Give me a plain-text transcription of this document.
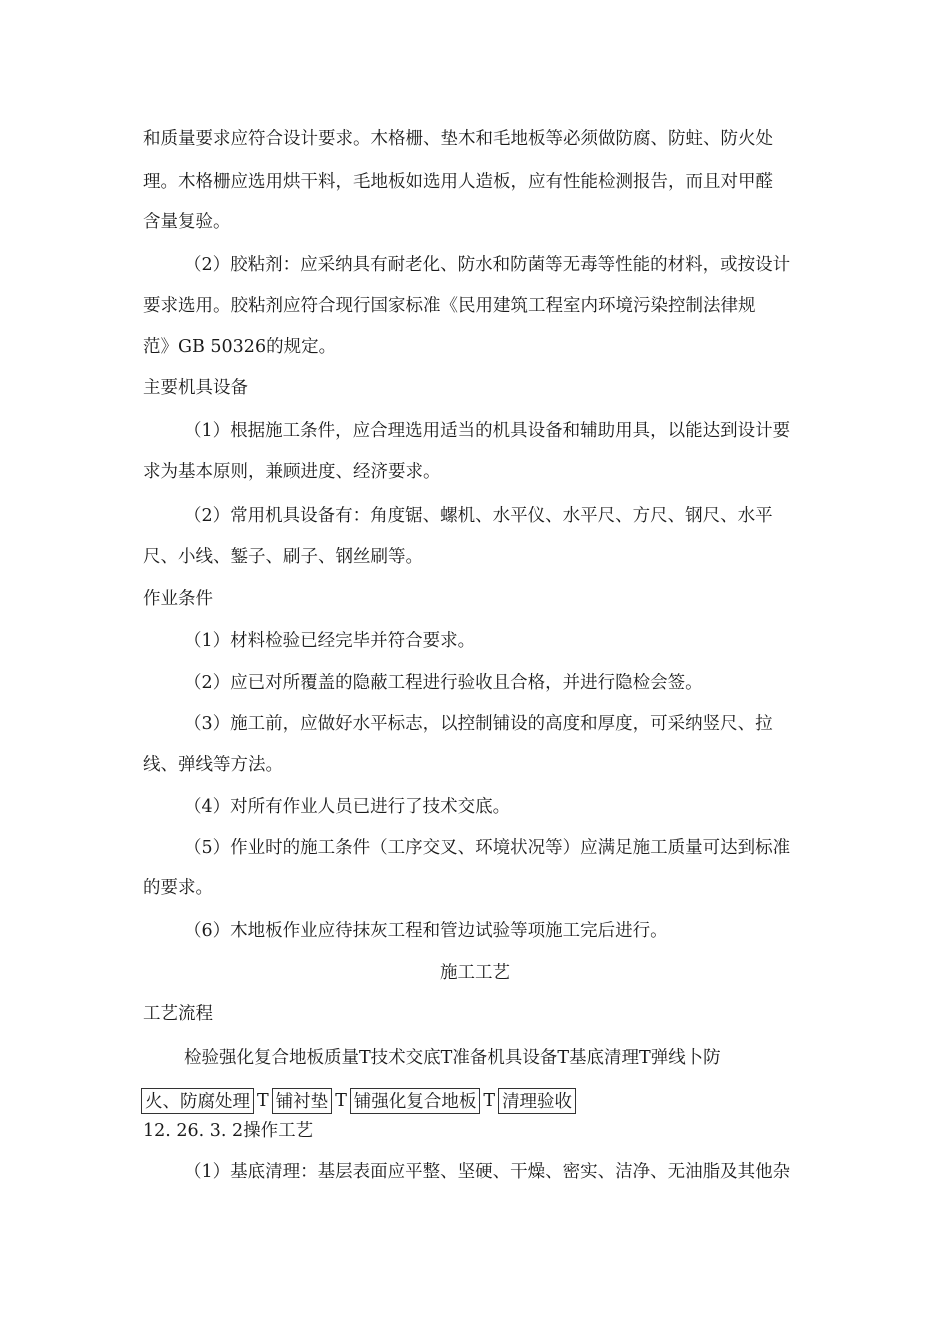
和质量要求应符合设计要求。木格栅、垫木和毛地板等必须做防腐、防蛀、防火处
理。木格栅应选用烘干料，毛地板如选用人造板，应有性能检测报告，而且对甲醛
含量复验。
（2）胶粘剂：应采纳具有耐老化、防水和防菌等无毒等性能的材料，或按设计
要求选用。胶粘剂应符合现行国家标准《民用建筑工程室内环境污染控制法律规
范》GB 50326的规定。
主要机具设备
（1）根据施工条件，应合理选用适当的机具设备和辅助用具，以能达到设计要
求为基本原则，兼顾进度、经济要求。
（2）常用机具设备有：角度锯、螺机、水平仪、水平尺、方尺、钢尺、水平
尺、小线、錾子、刷子、钢丝刷等。
作业条件
（1）材料检验已经完毕并符合要求。
（2）应已对所覆盖的隐蔽工程进行验收且合格，并进行隐检会签。
（3）施工前，应做好水平标志，以控制铺设的高度和厚度，可采纳竖尺、拉
线、弹线等方法。
（4）对所有作业人员已进行了技术交底。
（5）作业时的施工条件（工序交叉、环境状况等）应满足施工质量可达到标准
的要求。
（6）木地板作业应待抹灰工程和管边试验等项施工完后进行。
施工工艺
工艺流程
检验强化复合地板质量T技术交底T准备机具设备T基底清理T弹线卜防
火、防腐处理 T 铺衬垫 T 铺强化复合地板 T 清理验收
12. 26. 3. 2操作工艺
（1）基底清理：基层表面应平整、坚硬、干燥、密实、洁净、无油脂及其他杂
